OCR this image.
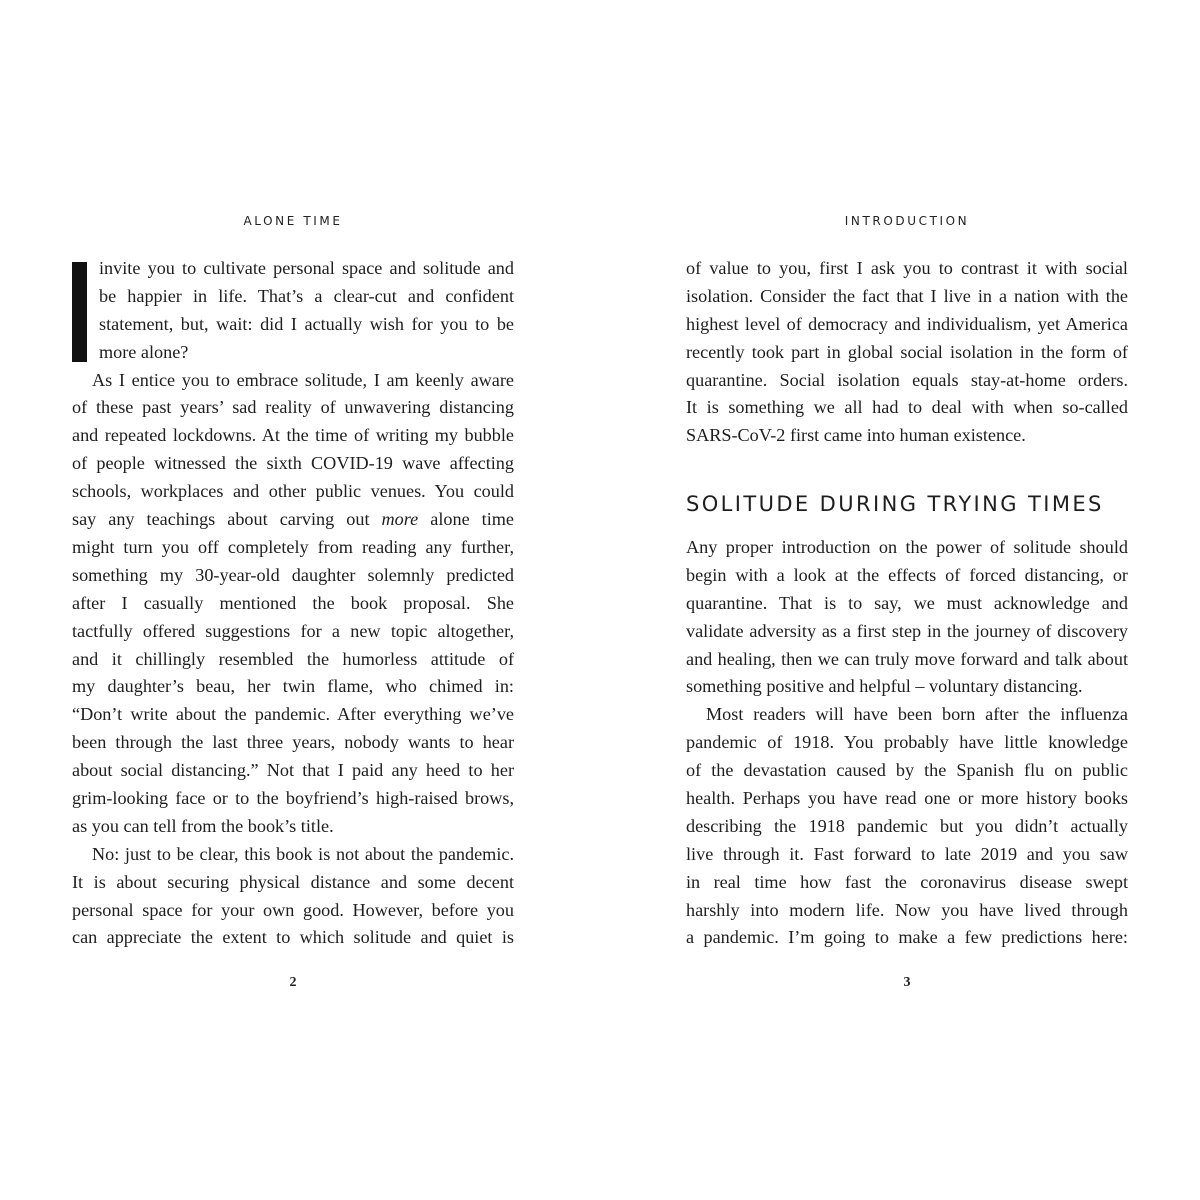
ALONE TIME
invite you to cultivate personal space and solitude and
be happier in life. That’s a clear-cut and confident
statement, but, wait: did I actually wish for you to be
more alone?
As I entice you to embrace solitude, I am keenly aware
of these past years’ sad reality of unwavering distancing
and repeated lockdowns. At the time of writing my bubble
of people witnessed the sixth COVID-19 wave affecting
schools, workplaces and other public venues. You could
say any teachings about carving out more alone time
might turn you off completely from reading any further,
something my 30-year-old daughter solemnly predicted
after I casually mentioned the book proposal. She
tactfully offered suggestions for a new topic altogether,
and it chillingly resembled the humorless attitude of
my daughter’s beau, her twin flame, who chimed in:
“Don’t write about the pandemic. After everything we’ve
been through the last three years, nobody wants to hear
about social distancing.” Not that I paid any heed to her
grim-looking face or to the boyfriend’s high-raised brows,
as you can tell from the book’s title.
No: just to be clear, this book is not about the pandemic.
It is about securing physical distance and some decent
personal space for your own good. However, before you
can appreciate the extent to which solitude and quiet is
2
INTRODUCTION
of value to you, first I ask you to contrast it with social
isolation. Consider the fact that I live in a nation with the
highest level of democracy and individualism, yet America
recently took part in global social isolation in the form of
quarantine. Social isolation equals stay-at-home orders.
It is something we all had to deal with when so-called
SARS-CoV-2 first came into human existence.
SOLITUDE DURING TRYING TIMES
Any proper introduction on the power of solitude should
begin with a look at the effects of forced distancing, or
quarantine. That is to say, we must acknowledge and
validate adversity as a first step in the journey of discovery
and healing, then we can truly move forward and talk about
something positive and helpful – voluntary distancing.
Most readers will have been born after the influenza
pandemic of 1918. You probably have little knowledge
of the devastation caused by the Spanish flu on public
health. Perhaps you have read one or more history books
describing the 1918 pandemic but you didn’t actually
live through it. Fast forward to late 2019 and you saw
in real time how fast the coronavirus disease swept
harshly into modern life. Now you have lived through
a pandemic. I’m going to make a few predictions here:
3
